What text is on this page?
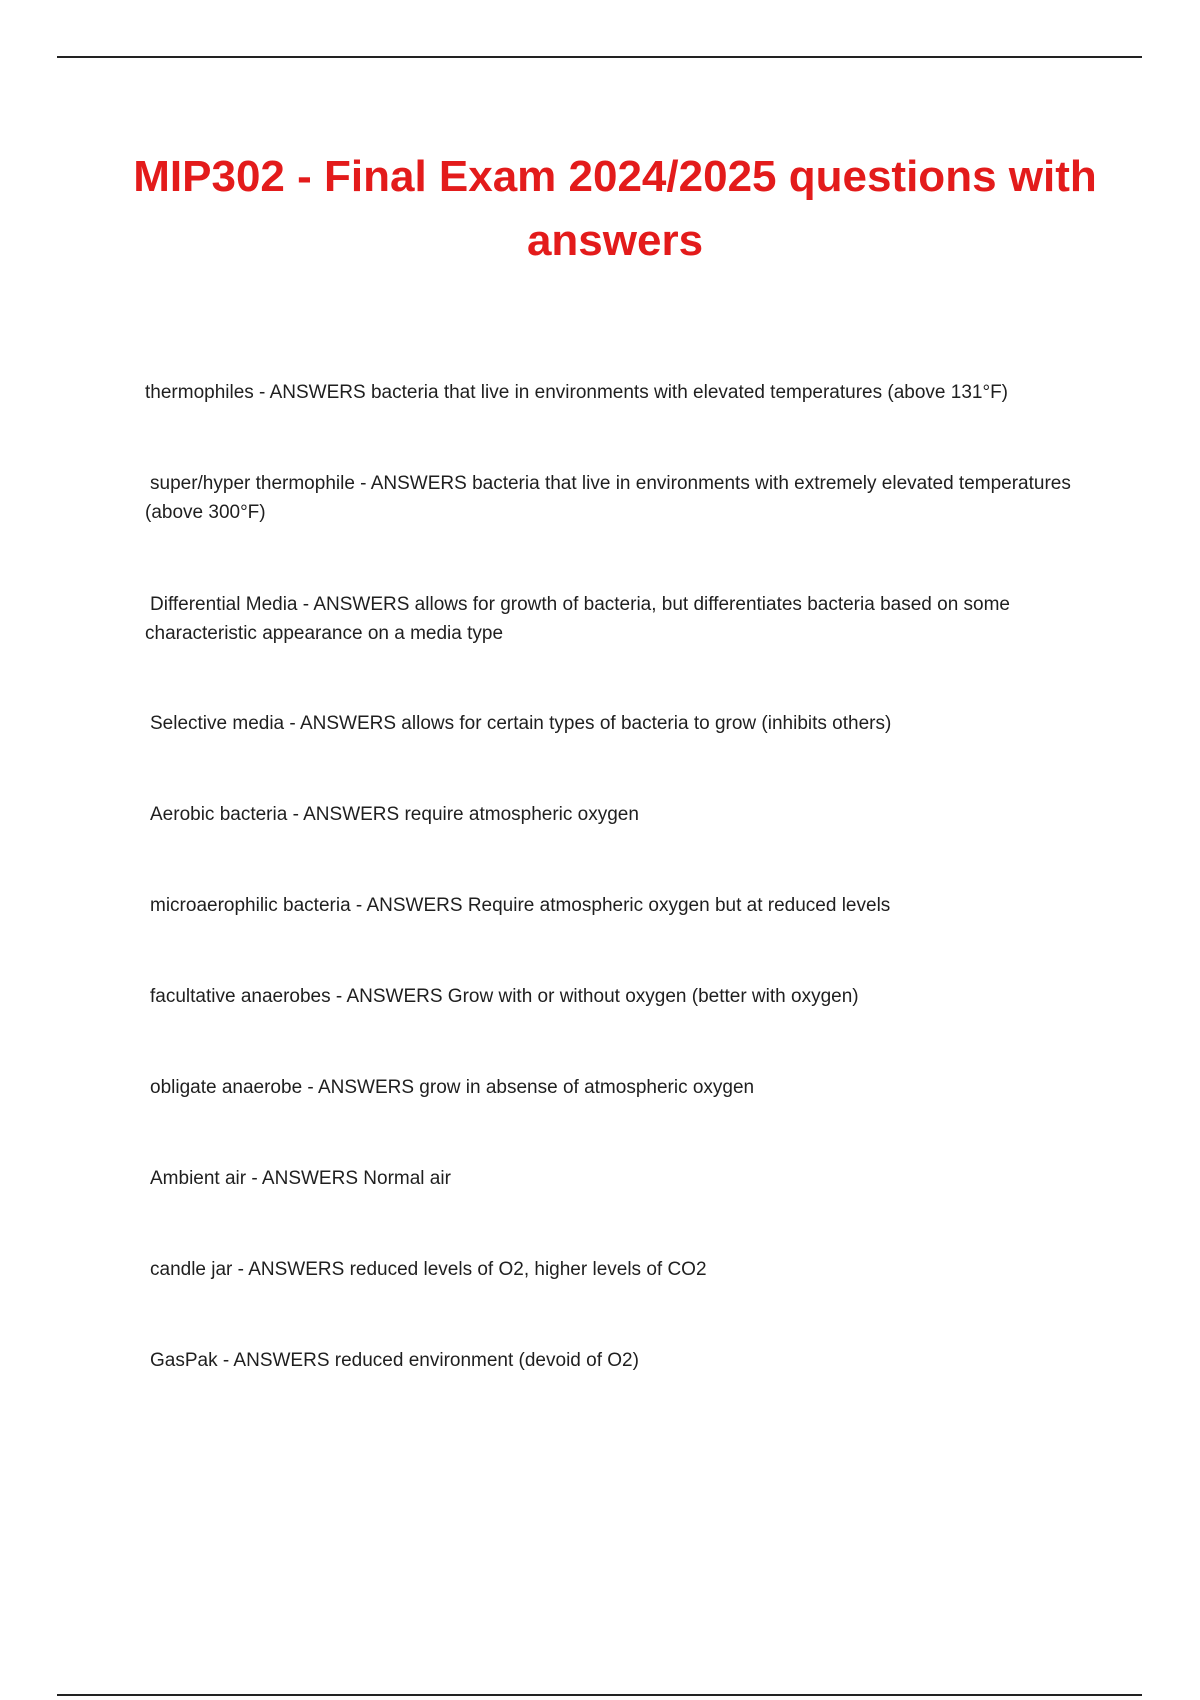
MIP302 - Final Exam 2024/2025 questions with answers
thermophiles - ANSWERS bacteria that live in environments with elevated temperatures (above 131°F)
super/hyper thermophile - ANSWERS bacteria that live in environments with extremely elevated temperatures (above 300°F)
Differential Media - ANSWERS allows for growth of bacteria, but differentiates bacteria based on some characteristic appearance on a media type
Selective media - ANSWERS allows for certain types of bacteria to grow (inhibits others)
Aerobic bacteria - ANSWERS require atmospheric oxygen
microaerophilic bacteria - ANSWERS Require atmospheric oxygen but at reduced levels
facultative anaerobes - ANSWERS Grow with or without oxygen (better with oxygen)
obligate anaerobe - ANSWERS grow in absense of atmospheric oxygen
Ambient air - ANSWERS Normal air
candle jar - ANSWERS reduced levels of O2, higher levels of CO2
GasPak - ANSWERS reduced environment (devoid of O2)
